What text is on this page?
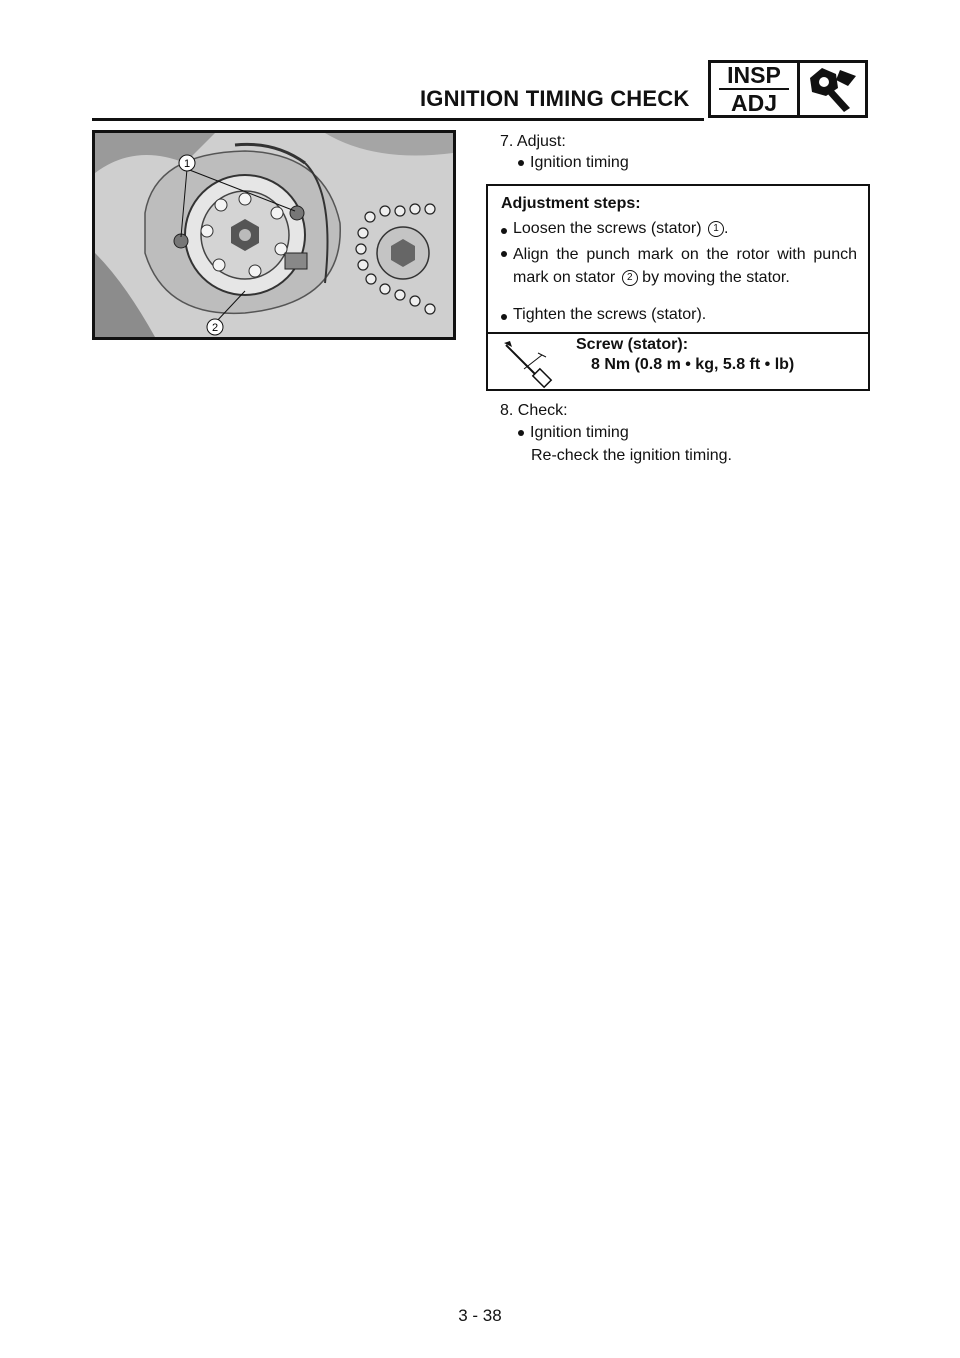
IGNITION TIMING CHECK
INSP
ADJ
1
2
7. Adjust:
Ignition timing
Adjustment steps:
Loosen the screws (stator) 1 .
Align the punch mark on the rotor with punch mark on stator 2 by moving the stator.
Tighten the screws (stator).
Screw (stator):
8 Nm (0.8 m • kg, 5.8 ft • lb)
8. Check:
Ignition timing
Re-check the ignition timing.
3 - 38
